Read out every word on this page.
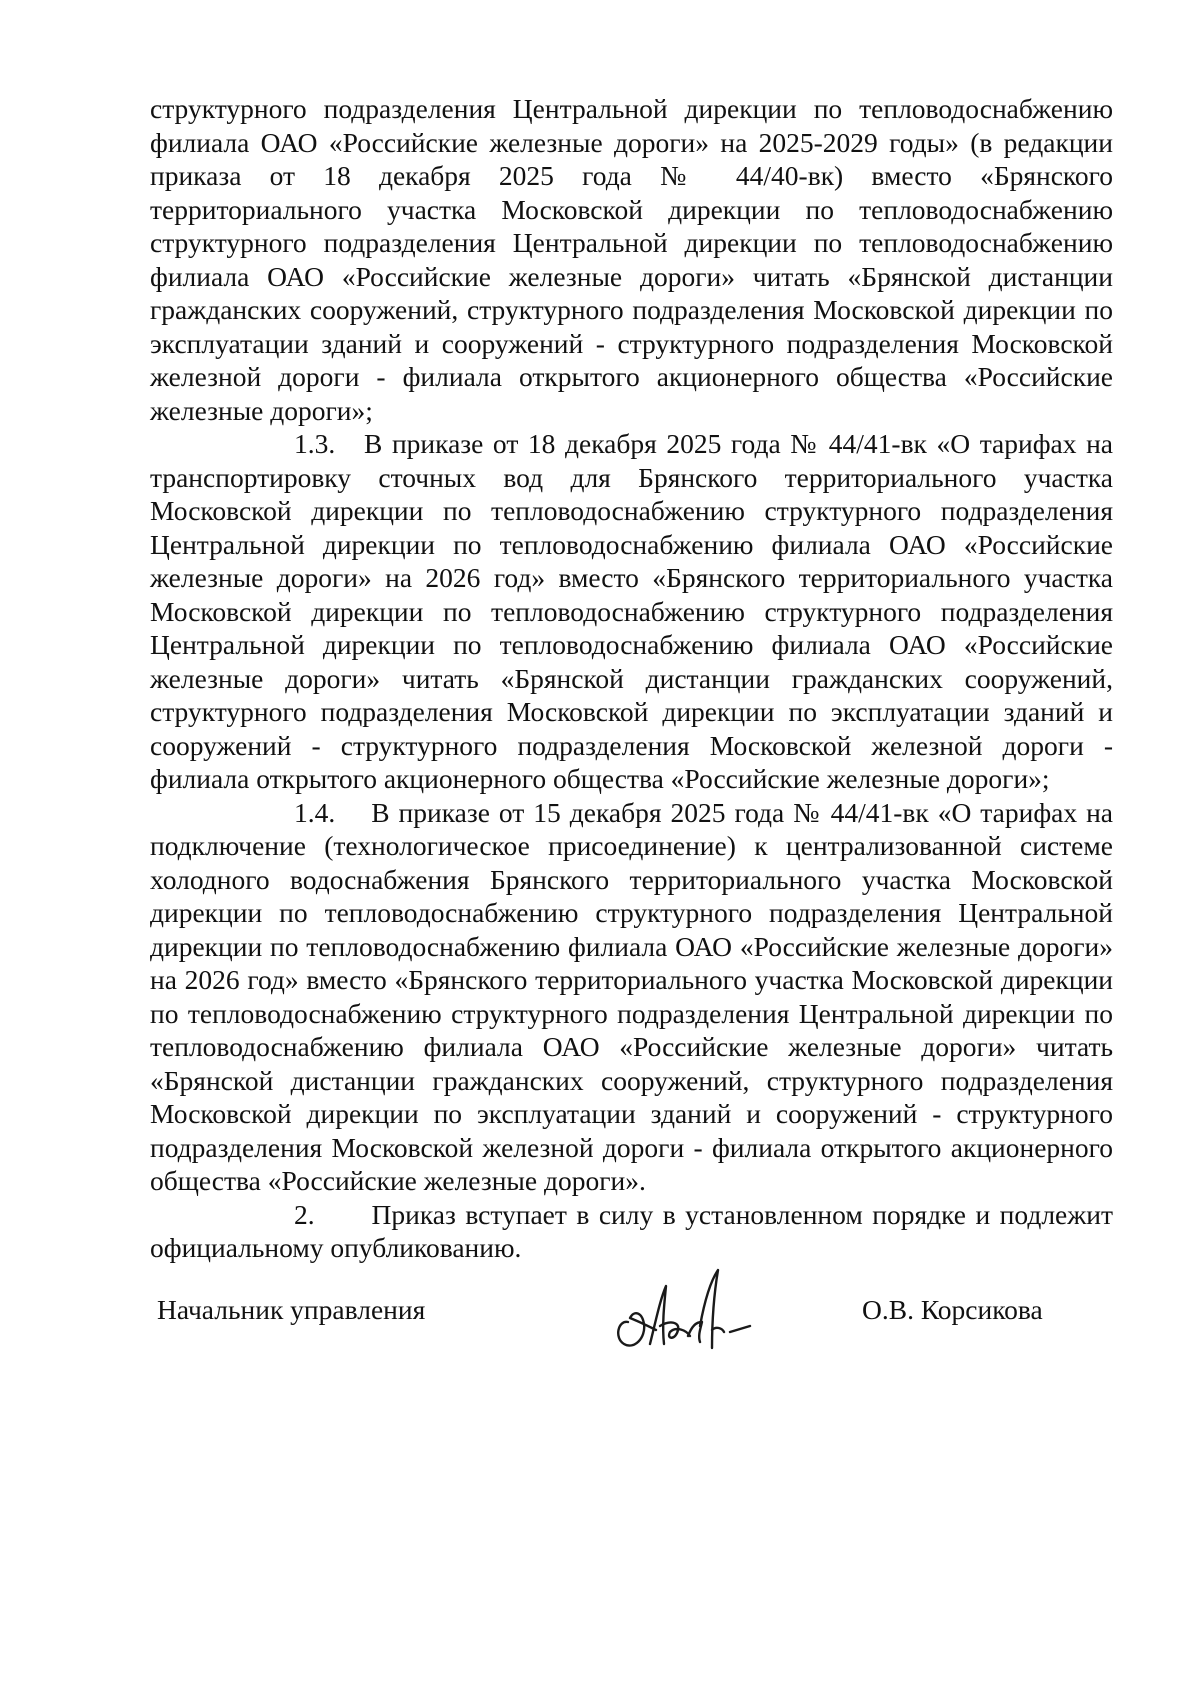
структурного подразделения Центральной дирекции по тепловодоснабжению филиала ОАО «Российские железные дороги» на 2025-2029 годы» (в редакции приказа от 18 декабря 2025 года № 44/40-вк) вместо «Брянского территориального участка Московской дирекции по тепловодоснабжению структурного подразделения Центральной дирекции по тепловодоснабжению филиала ОАО «Российские железные дороги» читать «Брянской дистанции гражданских сооружений, структурного подразделения Московской дирекции по эксплуатации зданий и сооружений - структурного подразделения Московской железной дороги - филиала открытого акционерного общества «Российские железные дороги»;

1.3. В приказе от 18 декабря 2025 года № 44/41-вк «О тарифах на транспортировку сточных вод для Брянского территориального участка Московской дирекции по тепловодоснабжению структурного подразделения Центральной дирекции по тепловодоснабжению филиала ОАО «Российские железные дороги» на 2026 год» вместо «Брянского территориального участка Московской дирекции по тепловодоснабжению структурного подразделения Центральной дирекции по тепловодоснабжению филиала ОАО «Российские железные дороги» читать «Брянской дистанции гражданских сооружений, структурного подразделения Московской дирекции по эксплуатации зданий и сооружений - структурного подразделения Московской железной дороги - филиала открытого акционерного общества «Российские железные дороги»;

1.4. В приказе от 15 декабря 2025 года № 44/41-вк «О тарифах на подключение (технологическое присоединение) к централизованной системе холодного водоснабжения Брянского территориального участка Московской дирекции по тепловодоснабжению структурного подразделения Центральной дирекции по тепловодоснабжению филиала ОАО «Российские железные дороги» на 2026 год» вместо «Брянского территориального участка Московской дирекции по тепловодоснабжению структурного подразделения Центральной дирекции по тепловодоснабжению филиала ОАО «Российские железные дороги» читать «Брянской дистанции гражданских сооружений, структурного подразделения Московской дирекции по эксплуатации зданий и сооружений - структурного подразделения Московской железной дороги - филиала открытого акционерного общества «Российские железные дороги».

2. Приказ вступает в силу в установленном порядке и подлежит официальному опубликованию.

Начальник управления	О.В. Корсикова
